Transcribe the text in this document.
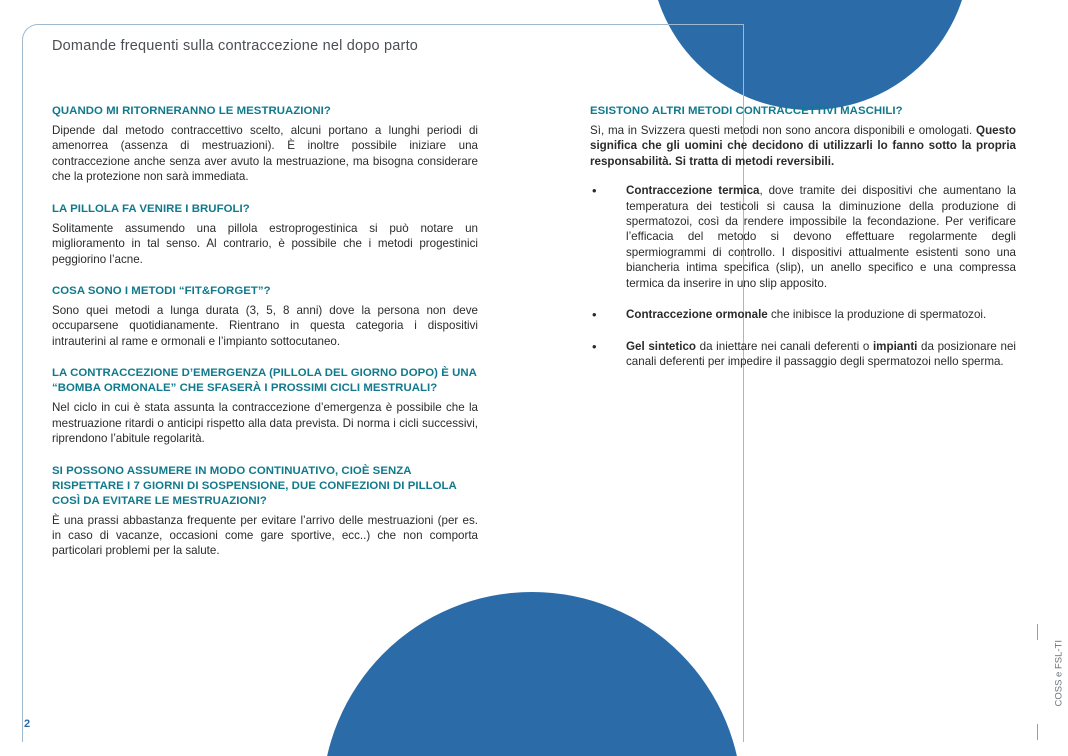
Domande frequenti sulla contraccezione nel dopo parto
QUANDO MI RITORNERANNO LE MESTRUAZIONI?
Dipende dal metodo contraccettivo scelto, alcuni portano a lunghi periodi di amenorrea (assenza di mestruazioni). È inoltre possibile iniziare una contraccezione anche senza aver avuto la mestruazione, ma bisogna considerare che la protezione non sarà immediata.
LA PILLOLA FA VENIRE I BRUFOLI?
Solitamente assumendo una pillola estroprogestinica si può notare un miglioramento in tal senso. Al contrario, è possibile che i metodi progestinici peggiorino l’acne.
COSA SONO I METODI “FIT&FORGET”?
Sono quei metodi a lunga durata (3, 5, 8 anni) dove la persona non deve occuparsene quotidianamente. Rientrano in questa categoria i dispositivi intrauterini al rame e ormonali e l’impianto sottocutaneo.
LA CONTRACCEZIONE D’EMERGENZA (PILLOLA DEL GIORNO DOPO) È UNA “BOMBA ORMONALE” CHE SFASERÀ I PROSSIMI CICLI MESTRUALI?
Nel ciclo in cui è stata assunta la contraccezione d’emergenza è possibile che la mestruazione ritardi o anticipi rispetto alla data prevista. Di norma i cicli successivi, riprendono l’abitule regolarità.
SI POSSONO ASSUMERE IN MODO CONTINUATIVO, CIOÈ SENZA RISPETTARE I 7 GIORNI DI SOSPENSIONE, DUE CONFEZIONI DI PILLOLA COSÌ DA EVITARE LE MESTRUAZIONI?
È una prassi abbastanza frequente per evitare l’arrivo delle mestruazioni (per es. in caso di vacanze, occasioni come gare sportive, ecc..) che non comporta particolari problemi per la salute.
ESISTONO ALTRI METODI CONTRACCETTIVI MASCHILI?
Sì, ma in Svizzera questi metodi non sono ancora disponibili e omologati. Questo significa che gli uomini che decidono di utilizzarli lo fanno sotto la propria responsabilità. Si tratta di metodi reversibili.
•	Contraccezione termica, dove tramite dei dispositivi che aumentano la temperatura dei testicoli si causa la diminuzione della produzione di spermatozoi, così da rendere impossibile la fecondazione. Per verificare l’efficacia del metodo si devono effettuare regolarmente degli spermiogrammi di controllo. I dispositivi attualmente esistenti sono una biancheria intima specifica (slip), un anello specifico e una compressa termica da inserire in uno slip apposito.
•	Contraccezione ormonale che inibisce la produzione di spermatozoi.
•	Gel sintetico da iniettare nei canali deferenti o impianti da posizionare nei canali deferenti per impedire il passaggio degli spermatozoi nello sperma.
2
COSS e FSL-TI
